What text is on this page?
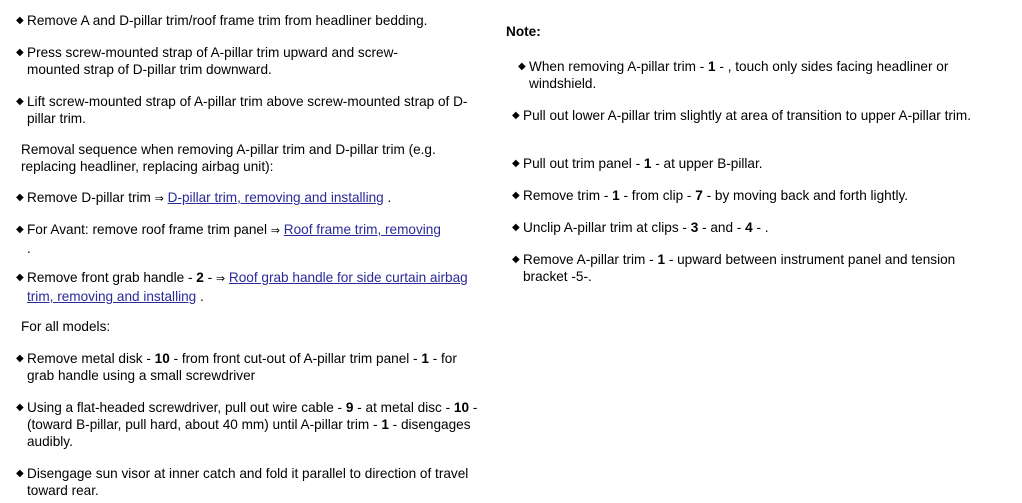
◆ Remove A and D-pillar trim/roof frame trim from headliner bedding.
◆ Press screw-mounted strap of A-pillar trim upward and screw-mounted strap of D-pillar trim downward.
◆ Lift screw-mounted strap of A-pillar trim above screw-mounted strap of D-pillar trim.
Removal sequence when removing A-pillar trim and D-pillar trim (e.g. replacing headliner, replacing airbag unit):
◆ Remove D-pillar trim ⇒ D-pillar trim, removing and installing .
◆ For Avant: remove roof frame trim panel ⇒ Roof frame trim, removing .
◆ Remove front grab handle - 2 - ⇒ Roof grab handle for side curtain airbag trim, removing and installing .
For all models:
◆ Remove metal disk - 10 - from front cut-out of A-pillar trim panel - 1 - for grab handle using a small screwdriver
◆ Using a flat-headed screwdriver, pull out wire cable - 9 - at metal disc - 10 - (toward B-pillar, pull hard, about 40 mm) until A-pillar trim - 1 - disengages audibly.
◆ Disengage sun visor at inner catch and fold it parallel to direction of travel toward rear.
Note:
◆ When removing A-pillar trim - 1 - , touch only sides facing headliner or windshield.
◆ Pull out lower A-pillar trim slightly at area of transition to upper A-pillar trim.
◆ Pull out trim panel - 1 - at upper B-pillar.
◆ Remove trim - 1 - from clip - 7 - by moving back and forth lightly.
◆ Unclip A-pillar trim at clips - 3 - and - 4 - .
◆ Remove A-pillar trim - 1 - upward between instrument panel and tension bracket -5-.
